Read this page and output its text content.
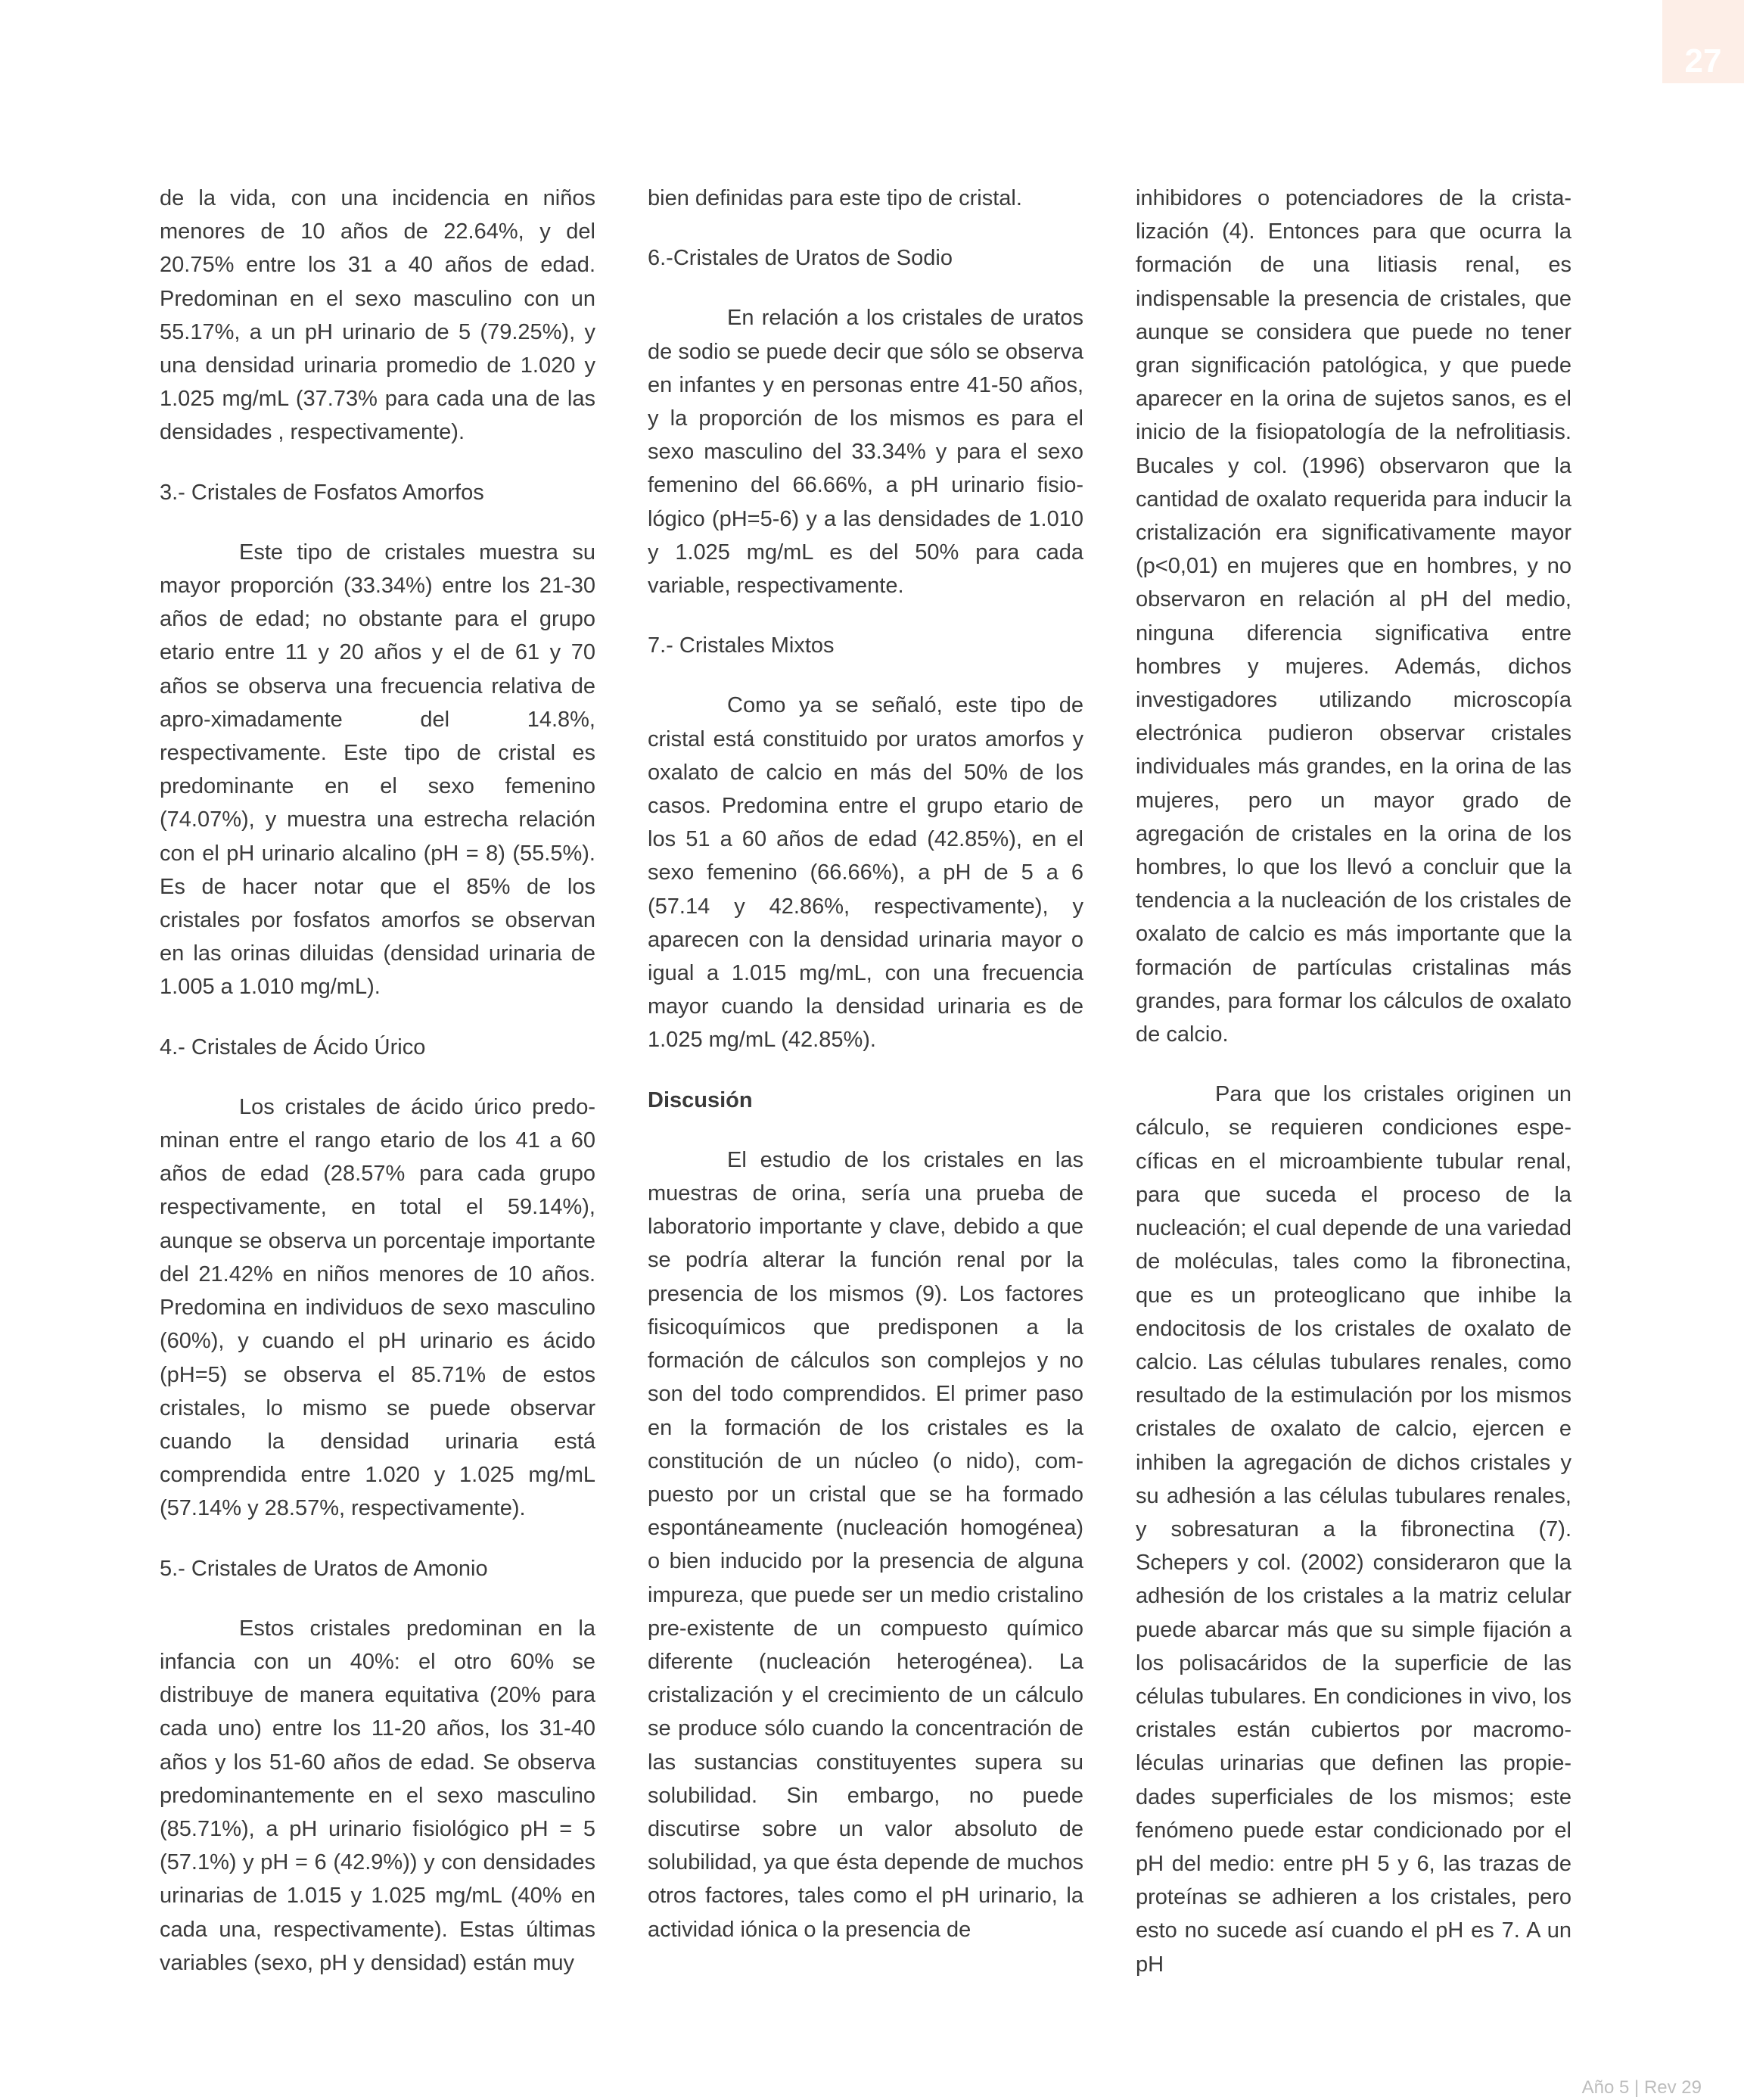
27

de la vida, con una incidencia en niños menores de 10 años de 22.64%, y del 20.75% entre los 31 a 40 años de edad. Predominan en el sexo masculino con un 55.17%, a un pH urinario de 5 (79.25%), y una densidad urinaria promedio de 1.020 y 1.025 mg/mL (37.73% para cada una de las densidades , respectivamente).

3.- Cristales de Fosfatos Amorfos

Este tipo de cristales muestra su mayor proporción (33.34%) entre los 21-30 años de edad; no obstante para el grupo etario entre 11 y 20 años y el de 61 y 70 años se observa una frecuencia relativa de apro-ximadamente del 14.8%, respectivamente. Este tipo de cristal es predominante en el sexo femenino (74.07%), y muestra una estrecha relación con el pH urinario alcalino (pH = 8) (55.5%). Es de hacer notar que el 85% de los cristales por fosfatos amorfos se observan en las orinas diluidas (densidad urinaria de 1.005 a 1.010 mg/mL).

4.- Cristales de Ácido Úrico

Los cristales de ácido úrico predo-minan entre el rango etario de los 41 a 60 años de edad (28.57% para cada grupo respectivamente, en total el 59.14%), aunque se observa un porcentaje importante del 21.42% en niños menores de 10 años. Predomina en individuos de sexo masculino (60%), y cuando el pH urinario es ácido (pH=5) se observa el 85.71% de estos cristales, lo mismo se puede observar cuando la densidad urinaria está comprendida entre 1.020 y 1.025 mg/mL (57.14% y 28.57%, respectivamente).

5.- Cristales de Uratos de Amonio

Estos cristales predominan en la infancia con un 40%: el otro 60% se distribuye de manera equitativa (20% para cada uno) entre los 11-20 años, los 31-40 años y los 51-60 años de edad. Se observa predominantemente en el sexo masculino (85.71%), a pH urinario fisiológico pH = 5 (57.1%) y pH = 6 (42.9%)) y con densidades urinarias de 1.015 y 1.025 mg/mL (40% en cada una, respectivamente). Estas últimas variables (sexo, pH y densidad) están muy

bien definidas para este tipo de cristal.

6.-Cristales de Uratos de Sodio

En relación a los cristales de uratos de sodio se puede decir que sólo se observa en infantes y en personas entre 41-50 años, y la proporción de los mismos es para el sexo masculino del 33.34% y para el sexo femenino del 66.66%, a pH urinario fisio-lógico (pH=5-6) y a las densidades de 1.010 y 1.025 mg/mL es del 50% para cada variable, respectivamente.

7.- Cristales Mixtos

Como ya se señaló, este tipo de cristal está constituido por uratos amorfos y oxalato de calcio en más del 50% de los casos. Predomina entre el grupo etario de los 51 a 60 años de edad (42.85%), en el sexo femenino (66.66%), a pH de 5 a 6 (57.14 y 42.86%, respectivamente), y aparecen con la densidad urinaria mayor o igual a 1.015 mg/mL, con una frecuencia mayor cuando la densidad urinaria es de 1.025 mg/mL (42.85%).

Discusión

El estudio de los cristales en las muestras de orina, sería una prueba de laboratorio importante y clave, debido a que se podría alterar la función renal por la presencia de los mismos (9). Los factores fisicoquímicos que predisponen a la formación de cálculos son complejos y no son del todo comprendidos. El primer paso en la formación de los cristales es la constitución de un núcleo (o nido), com-puesto por un cristal que se ha formado espontáneamente (nucleación homogénea) o bien inducido por la presencia de alguna impureza, que puede ser un medio cristalino pre-existente de un compuesto químico diferente (nucleación heterogénea). La cristalización y el crecimiento de un cálculo se produce sólo cuando la concentración de las sustancias constituyentes supera su solubilidad. Sin embargo, no puede discutirse sobre un valor absoluto de solubilidad, ya que ésta depende de muchos otros factores, tales como el pH urinario, la actividad iónica o la presencia de

inhibidores o potenciadores de la crista-lización (4). Entonces para que ocurra la formación de una litiasis renal, es indispensable la presencia de cristales, que aunque se considera que puede no tener gran significación patológica, y que puede aparecer en la orina de sujetos sanos, es el inicio de la fisiopatología de la nefrolitiasis. Bucales y col. (1996) observaron que la cantidad de oxalato requerida para inducir la cristalización era significativamente mayor (p<0,01) en mujeres que en hombres, y no observaron en relación al pH del medio, ninguna diferencia significativa entre hombres y mujeres. Además, dichos investigadores utilizando microscopía electrónica pudieron observar cristales individuales más grandes, en la orina de las mujeres, pero un mayor grado de agregación de cristales en la orina de los hombres, lo que los llevó a concluir que la tendencia a la nucleación de los cristales de oxalato de calcio es más importante que la formación de partículas cristalinas más grandes, para formar los cálculos de oxalato de calcio.

Para que los cristales originen un cálculo, se requieren condiciones espe-cíficas en el microambiente tubular renal, para que suceda el proceso de la nucleación; el cual depende de una variedad de moléculas, tales como la fibronectina, que es un proteoglicano que inhibe la endocitosis de los cristales de oxalato de calcio. Las células tubulares renales, como resultado de la estimulación por los mismos cristales de oxalato de calcio, ejercen e inhiben la agregación de dichos cristales y su adhesión a las células tubulares renales, y sobresaturan a la fibronectina (7). Schepers y col. (2002) consideraron que la adhesión de los cristales a la matriz celular puede abarcar más que su simple fijación a los polisacáridos de la superficie de las células tubulares. En condiciones in vivo, los cristales están cubiertos por macromo-léculas urinarias que definen las propie-dades superficiales de los mismos; este fenómeno puede estar condicionado por el pH del medio: entre pH 5 y 6, las trazas de proteínas se adhieren a los cristales, pero esto no sucede así cuando el pH es 7. A un pH

Año 5 | Rev 29
